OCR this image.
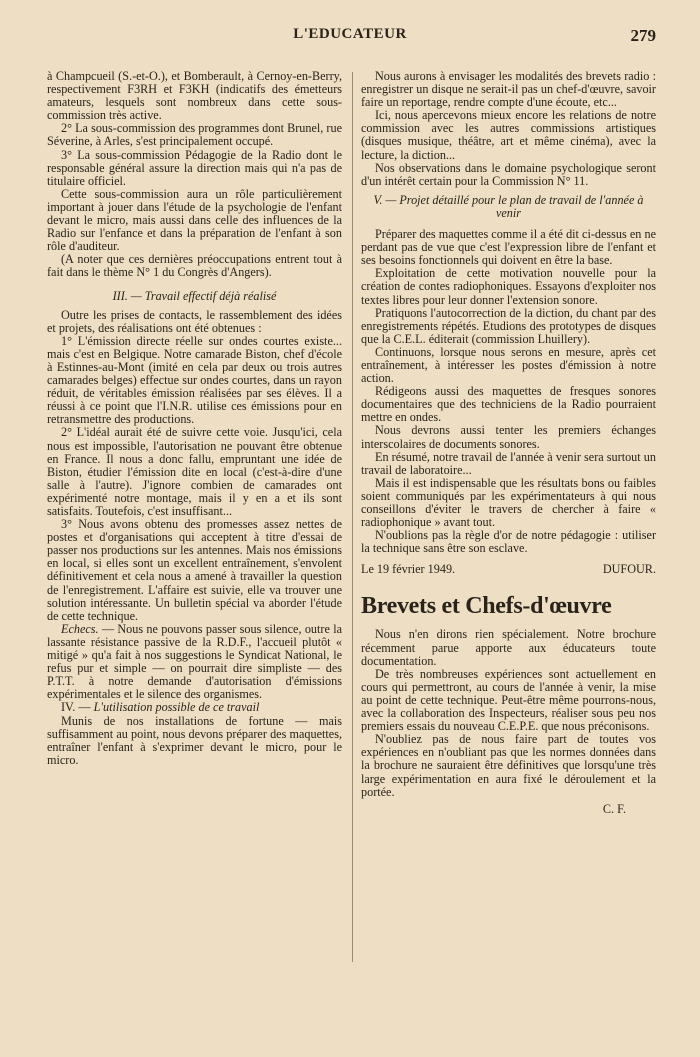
L'EDUCATEUR	279

à Champcueil (S.-et-O.), et Bomberault, à Cernoy-en-Berry, respectivement F3RH et F3KH (indicatifs des émetteurs amateurs, lesquels sont nombreux dans cette sous-commission très active.

2° La sous-commission des programmes dont Brunel, rue Séverine, à Arles, s'est principalement occupé.

3° La sous-commission Pédagogie de la Radio dont le responsable général assure la direction mais qui n'a pas de titulaire officiel.

Cette sous-commission aura un rôle particulièrement important à jouer dans l'étude de la psychologie de l'enfant devant le micro, mais aussi dans celle des influences de la Radio sur l'enfance et dans la préparation de l'enfant à son rôle d'auditeur.

(A noter que ces dernières préoccupations entrent tout à fait dans le thème N° 1 du Congrès d'Angers).

III. — Travail effectif déjà réalisé

Outre les prises de contacts, le rassemblement des idées et projets, des réalisations ont été obtenues :

1° L'émission directe réelle sur ondes courtes existe... mais c'est en Belgique. Notre camarade Biston, chef d'école à Estinnes-au-Mont (imité en cela par deux ou trois autres camarades belges) effectue sur ondes courtes, dans un rayon réduit, de véritables émission réalisées par ses élèves. Il a réussi à ce point que l'I.N.R. utilise ces émissions pour en retransmettre des productions.

2° L'idéal aurait été de suivre cette voie. Jusqu'ici, cela nous est impossible, l'autorisation ne pouvant être obtenue en France. Il nous a donc fallu, empruntant une idée de Biston, étudier l'émission dite en local (c'est-à-dire d'une salle à l'autre). J'ignore combien de camarades ont expérimenté notre montage, mais il y en a et ils sont satisfaits. Toutefois, c'est insuffisant...

3° Nous avons obtenu des promesses assez nettes de postes et d'organisations qui acceptent à titre d'essai de passer nos productions sur les antennes. Mais nos émissions en local, si elles sont un excellent entraînement, s'envolent définitivement et cela nous a amené à travailler la question de l'enregistrement. L'affaire est suivie, elle va trouver une solution intéressante. Un bulletin spécial va aborder l'étude de cette technique.

Echecs. — Nous ne pouvons passer sous silence, outre la lassante résistance passive de la R.D.F., l'accueil plutôt « mitigé » qu'a fait à nos suggestions le Syndicat National, le refus pur et simple — on pourrait dire simpliste — des P.T.T. à notre demande d'autorisation d'émissions expérimentales et le silence des organismes.

IV. — L'utilisation possible de ce travail

Munis de nos installations de fortune — mais suffisamment au point, nous devons préparer des maquettes, entraîner l'enfant à s'exprimer devant le micro, pour le micro.

Nous aurons à envisager les modalités des brevets radio : enregistrer un disque ne serait-il pas un chef-d'œuvre, savoir faire un reportage, rendre compte d'une écoute, etc...

Ici, nous apercevons mieux encore les relations de notre commission avec les autres commissions artistiques (disques musique, théâtre, art et même cinéma), avec la lecture, la diction...

Nos observations dans le domaine psychologique seront d'un intérêt certain pour la Commission N° 11.

V. — Projet détaillé pour le plan de travail de l'année à venir

Préparer des maquettes comme il a été dit ci-dessus en ne perdant pas de vue que c'est l'expression libre de l'enfant et ses besoins fonctionnels qui doivent en être la base.

Exploitation de cette motivation nouvelle pour la création de contes radiophoniques. Essayons d'exploiter nos textes libres pour leur donner l'extension sonore.

Pratiquons l'autocorrection de la diction, du chant par des enregistrements répétés. Etudions des prototypes de disques que la C.E.L. éditerait (commission Lhuillery).

Continuons, lorsque nous serons en mesure, après cet entraînement, à intéresser les postes d'émission à notre action.

Rédigeons aussi des maquettes de fresques sonores documentaires que des techniciens de la Radio pourraient mettre en ondes.

Nous devrons aussi tenter les premiers échanges interscolaires de documents sonores.

En résumé, notre travail de l'année à venir sera surtout un travail de laboratoire...

Mais il est indispensable que les résultats bons ou faibles soient communiqués par les expérimentateurs à qui nous conseillons d'éviter le travers de chercher à faire « radiophonique » avant tout.

N'oublions pas la règle d'or de notre pédagogie : utiliser la technique sans être son esclave.

Le 19 février 1949.	DUFOUR.

Brevets et Chefs-d'œuvre

Nous n'en dirons rien spécialement. Notre brochure récemment parue apporte aux éducateurs toute documentation.

De très nombreuses expériences sont actuellement en cours qui permettront, au cours de l'année à venir, la mise au point de cette technique. Peut-être même pourrons-nous, avec la collaboration des Inspecteurs, réaliser sous peu nos premiers essais du nouveau C.E.P.E. que nous préconisons.

N'oubliez pas de nous faire part de toutes vos expériences en n'oubliant pas que les normes données dans la brochure ne sauraient être définitives que lorsqu'une très large expérimentation en aura fixé le déroulement et la portée.

C. F.
